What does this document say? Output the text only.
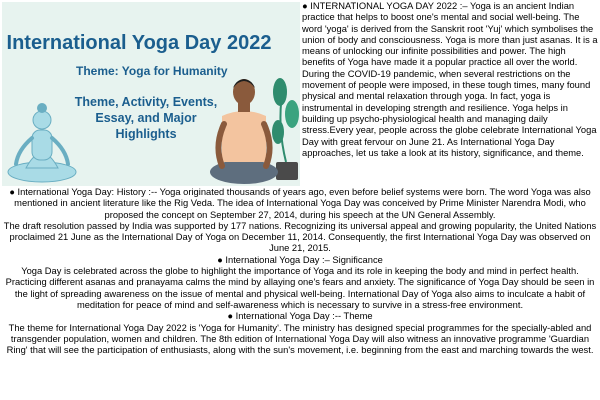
International Yoga Day 2022
Theme: Yoga for Humanity
Theme, Activity, Events, Essay, and Major Highlights

● INTERNATIONAL YOGA DAY 2022 :– Yoga is an ancient Indian practice that helps to boost one's mental and social well-being. The word 'yoga' is derived from the Sanskrit root 'Yuj' which symbolises the union of body and consciousness. Yoga is more than just asanas. It is a means of unlocking our infinite possibilities and power. The high benefits of Yoga have made it a popular practice all over the world.

During the COVID-19 pandemic, when several restrictions on the movement of people were imposed, in these tough times, many found physical and mental relaxation through yoga. In fact, yoga is instrumental in developing strength and resilience. Yoga helps in building up psycho-physiological health and managing daily stress.Every year, people across the globe celebrate International Yoga Day with great fervour on June 21. As International Yoga Day approaches, let us take a look at its history, significance, and theme.

● International Yoga Day: History :-- Yoga originated thousands of years ago, even before belief systems were born. The word Yoga was also mentioned in ancient literature like the Rig Veda. The idea of International Yoga Day was conceived by Prime Minister Narendra Modi, who proposed the concept on September 27, 2014, during his speech at the UN General Assembly.

The draft resolution passed by India was supported by 177 nations. Recognizing its universal appeal and growing popularity, the United Nations proclaimed 21 June as the International Day of Yoga on December 11, 2014. Consequently, the first International Yoga Day was observed on June 21, 2015.

● International Yoga Day :– Significance

Yoga Day is celebrated across the globe to highlight the importance of Yoga and its role in keeping the body and mind in perfect health. Practicing different asanas and pranayama calms the mind by allaying one's fears and anxiety. The significance of Yoga Day should be seen in the light of spreading awareness on the issue of mental and physical well-being. International Day of Yoga also aims to inculcate a habit of meditation for peace of mind and self-awareness which is necessary to survive in a stress-free environment.

● International Yoga Day :-- Theme

The theme for International Yoga Day 2022 is 'Yoga for Humanity'. The ministry has designed special programmes for the specially-abled and transgender population, women and children. The 8th edition of International Yoga Day will also witness an innovative programme 'Guardian Ring' that will see the participation of enthusiasts, along with the sun's movement, i.e. beginning from the east and marching towards the west.
